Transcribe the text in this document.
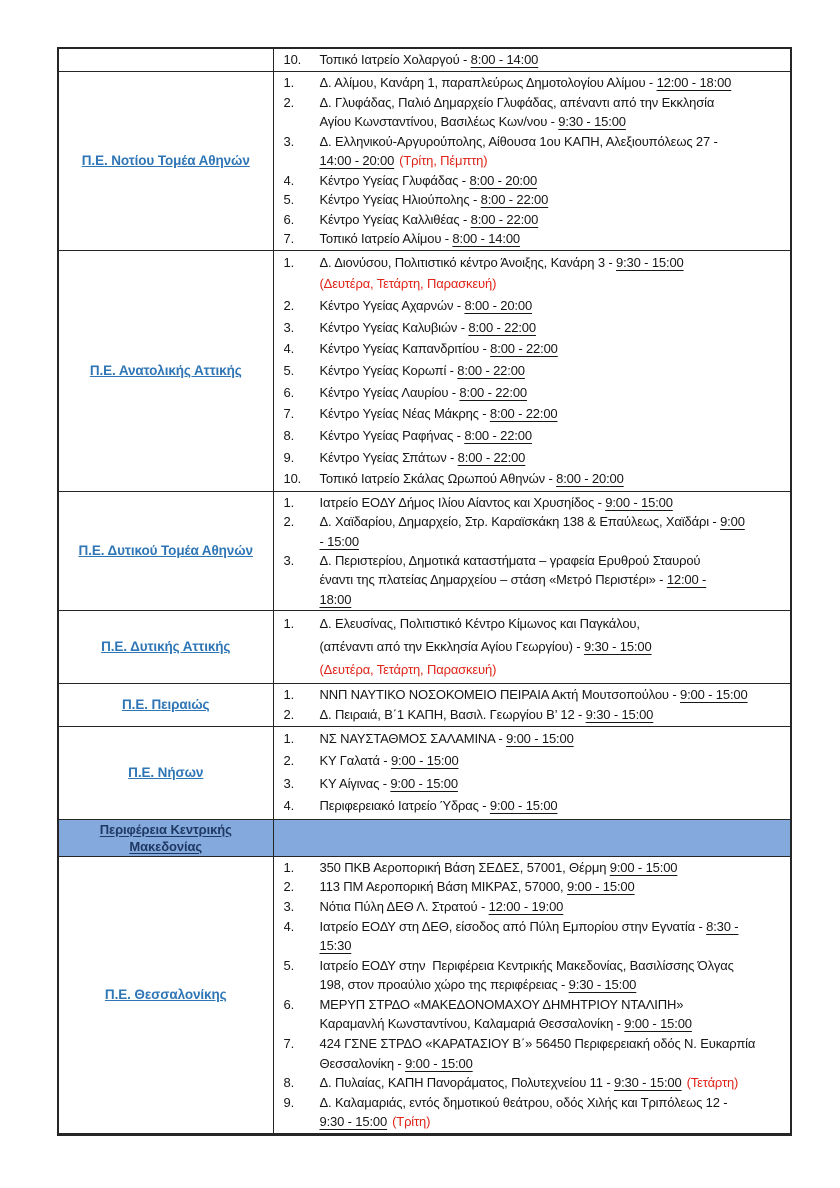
	10. Τοπικό Ιατρείο Χολαργού - 8:00 - 14:00

Π.Ε. Νοτίου Τομέα Αθηνών	
1.	Δ. Αλίμου, Κανάρη 1, παραπλεύρως Δημοτολογίου Αλίμου - 12:00 - 18:00
2.	Δ. Γλυφάδας, Παλιό Δημαρχείο Γλυφάδας, απέναντι από την Εκκλησία
Αγίου Κωνσταντίνου, Βασιλέως Κων/νου - 9:30 - 15:00
3.	Δ. Ελληνικού-Αργυρούπολης, Αίθουσα 1ου ΚΑΠΗ, Αλεξιουπόλεως 27 -
14:00 - 20:00 (Τρίτη, Πέμπτη)
4.	Κέντρο Υγείας Γλυφάδας - 8:00 - 20:00
5.	Κέντρο Υγείας Ηλιούπολης - 8:00 - 22:00
6.	Κέντρο Υγείας Καλλιθέας - 8:00 - 22:00
7.	Τοπικό Ιατρείο Αλίμου - 8:00 - 14:00

Π.Ε. Ανατολικής Αττικής	
1.	Δ. Διονύσου, Πολιτιστικό κέντρο Άνοιξης, Κανάρη 3 - 9:30 - 15:00
(Δευτέρα, Τετάρτη, Παρασκευή)
2.	Κέντρο Υγείας Αχαρνών - 8:00 - 20:00
3.	Κέντρο Υγείας Καλυβιών - 8:00 - 22:00
4.	Κέντρο Υγείας Καπανδριτίου - 8:00 - 22:00
5.	Κέντρο Υγείας Κορωπί - 8:00 - 22:00
6.	Κέντρο Υγείας Λαυρίου - 8:00 - 22:00
7.	Κέντρο Υγείας Νέας Μάκρης - 8:00 - 22:00
8.	Κέντρο Υγείας Ραφήνας - 8:00 - 22:00
9.	Κέντρο Υγείας Σπάτων - 8:00 - 22:00
10.	Τοπικό Ιατρείο Σκάλας Ωρωπού Αθηνών - 8:00 - 20:00

Π.Ε. Δυτικού Τομέα Αθηνών	
1.	Ιατρείο ΕΟΔΥ Δήμος Ιλίου Αίαντος και Χρυσηίδος - 9:00 - 15:00
2.	Δ. Χαϊδαρίου, Δημαρχείο, Στρ. Καραϊσκάκη 138 & Επαύλεως, Χαϊδάρι - 9:00
- 15:00
3.	Δ. Περιστερίου, Δημοτικά καταστήματα – γραφεία Ερυθρού Σταυρού
έναντι της πλατείας Δημαρχείου – στάση «Μετρό Περιστέρι» - 12:00 -
18:00

Π.Ε. Δυτικής Αττικής	1. Δ. Ελευσίνας, Πολιτιστικό Κέντρο Κίμωνος και Παγκάλου,
(απέναντι από την Εκκλησία Αγίου Γεωργίου) - 9:30 - 15:00
(Δευτέρα, Τετάρτη, Παρασκευή)

Π.Ε. Πειραιώς	
1.	ΝΝΠ ΝΑΥΤΙΚΟ ΝΟΣΟΚΟΜΕΙΟ ΠΕΙΡΑΙΑ Ακτή Μουτσοπούλου - 9:00 - 15:00
2.	Δ. Πειραιά, Β΄1 ΚΑΠΗ, Βασιλ. Γεωργίου Β’ 12 - 9:30 - 15:00

Π.Ε. Νήσων	
1.	ΝΣ ΝΑΥΣΤΑΘΜΟΣ ΣΑΛΑΜΙΝΑ - 9:00 - 15:00
2.	ΚΥ Γαλατά - 9:00 - 15:00
3.	ΚΥ Αίγινας - 9:00 - 15:00
4.	Περιφερειακό Ιατρείο Ύδρας - 9:00 - 15:00

Περιφέρεια Κεντρικής Μακεδονίας	

Π.Ε. Θεσσαλονίκης	
1.	350 ΠΚΒ Αεροπορική Βάση ΣΕΔΕΣ, 57001, Θέρμη 9:00 - 15:00
2.	113 ΠΜ Αεροπορική Βάση ΜΙΚΡΑΣ, 57000, 9:00 - 15:00
3.	Νότια Πύλη ΔΕΘ Λ. Στρατού - 12:00 - 19:00
4.	Ιατρείο ΕΟΔΥ στη ΔΕΘ, είσοδος από Πύλη Εμπορίου στην Εγνατία - 8:30 -
15:30
5.	Ιατρείο ΕΟΔΥ στην  Περιφέρεια Κεντρικής Μακεδονίας, Βασιλίσσης Όλγας
198, στον προαύλιο χώρο της περιφέρειας - 9:30 - 15:00
6.	ΜΕΡΥΠ ΣΤΡΔΟ «ΜΑΚΕΔΟΝΟΜΑΧΟΥ ΔΗΜΗΤΡΙΟΥ ΝΤΑΛΙΠΗ»
Καραμανλή Κωνσταντίνου, Καλαμαριά Θεσσαλονίκη - 9:00 - 15:00
7.	424 ΓΣΝΕ ΣΤΡΔΟ «ΚΑΡΑΤΑΣΙΟΥ Β΄» 56450 Περιφερειακή οδός Ν. Ευκαρπία
Θεσσαλονίκη - 9:00 - 15:00
8.	Δ. Πυλαίας, ΚΑΠΗ Πανοράματος, Πολυτεχνείου 11 - 9:30 - 15:00 (Τετάρτη)
9.	Δ. Καλαμαριάς, εντός δημοτικού θεάτρου, οδός Χιλής και Τριπόλεως 12 -
9:30 - 15:00 (Τρίτη)
